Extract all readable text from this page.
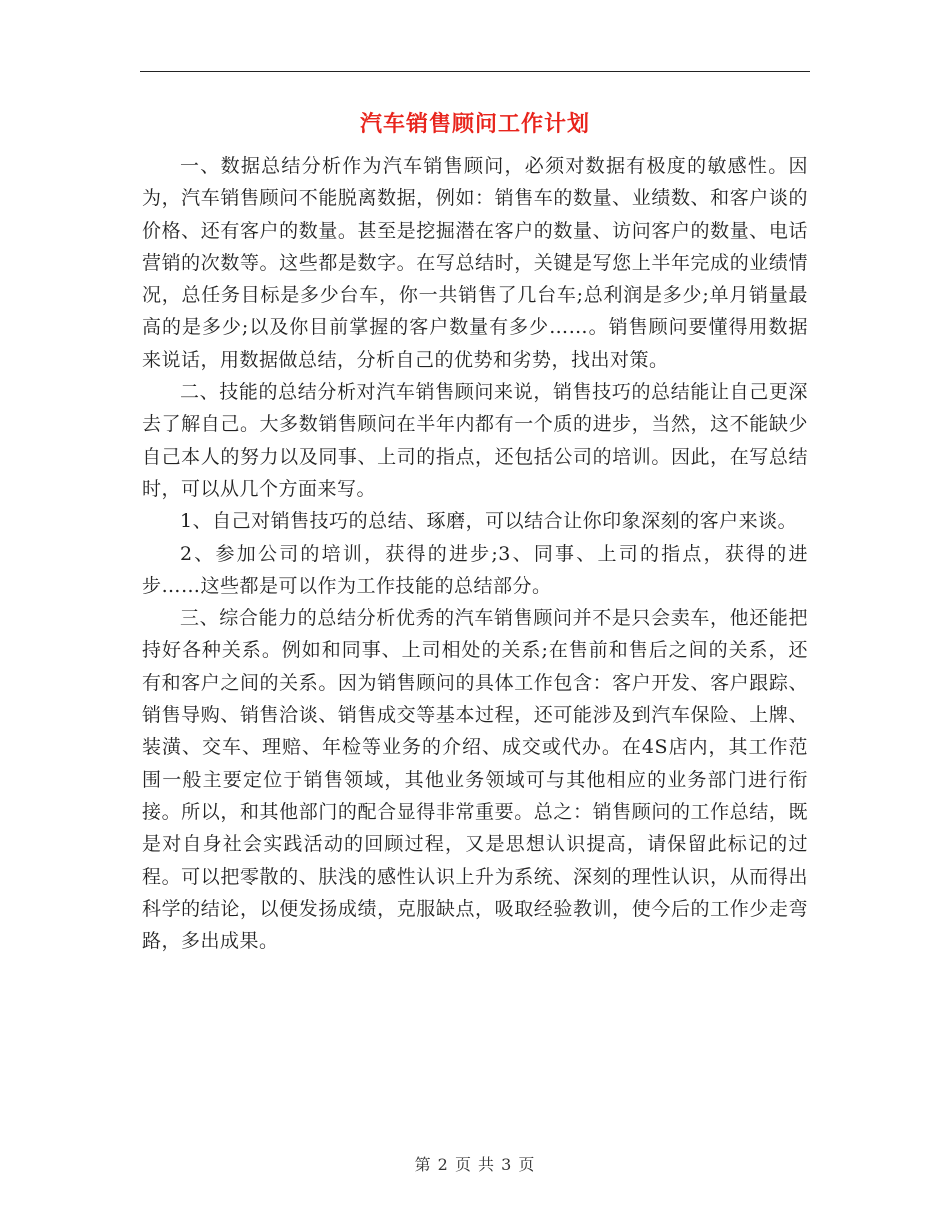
汽车销售顾问工作计划

一、数据总结分析作为汽车销售顾问，必须对数据有极度的敏感性。因为，汽车销售顾问不能脱离数据，例如：销售车的数量、业绩数、和客户谈的价格、还有客户的数量。甚至是挖掘潜在客户的数量、访问客户的数量、电话营销的次数等。这些都是数字。在写总结时，关键是写您上半年完成的业绩情况，总任务目标是多少台车，你一共销售了几台车;总利润是多少;单月销量最高的是多少;以及你目前掌握的客户数量有多少……。销售顾问要懂得用数据来说话，用数据做总结，分析自己的优势和劣势，找出对策。

二、技能的总结分析对汽车销售顾问来说，销售技巧的总结能让自己更深去了解自己。大多数销售顾问在半年内都有一个质的进步，当然，这不能缺少自己本人的努力以及同事、上司的指点，还包括公司的培训。因此，在写总结时，可以从几个方面来写。

1、自己对销售技巧的总结、琢磨，可以结合让你印象深刻的客户来谈。

2、参加公司的培训，获得的进步;3、同事、上司的指点，获得的进步……这些都是可以作为工作技能的总结部分。

三、综合能力的总结分析优秀的汽车销售顾问并不是只会卖车，他还能把持好各种关系。例如和同事、上司相处的关系;在售前和售后之间的关系，还有和客户之间的关系。因为销售顾问的具体工作包含：客户开发、客户跟踪、销售导购、销售洽谈、销售成交等基本过程，还可能涉及到汽车保险、上牌、装潢、交车、理赔、年检等业务的介绍、成交或代办。在4S店内，其工作范围一般主要定位于销售领域，其他业务领域可与其他相应的业务部门进行衔接。所以，和其他部门的配合显得非常重要。总之：销售顾问的工作总结，既是对自身社会实践活动的回顾过程，又是思想认识提高，请保留此标记的过程。可以把零散的、肤浅的感性认识上升为系统、深刻的理性认识，从而得出科学的结论，以便发扬成绩，克服缺点，吸取经验教训，使今后的工作少走弯路，多出成果。

第 2 页 共 3 页
